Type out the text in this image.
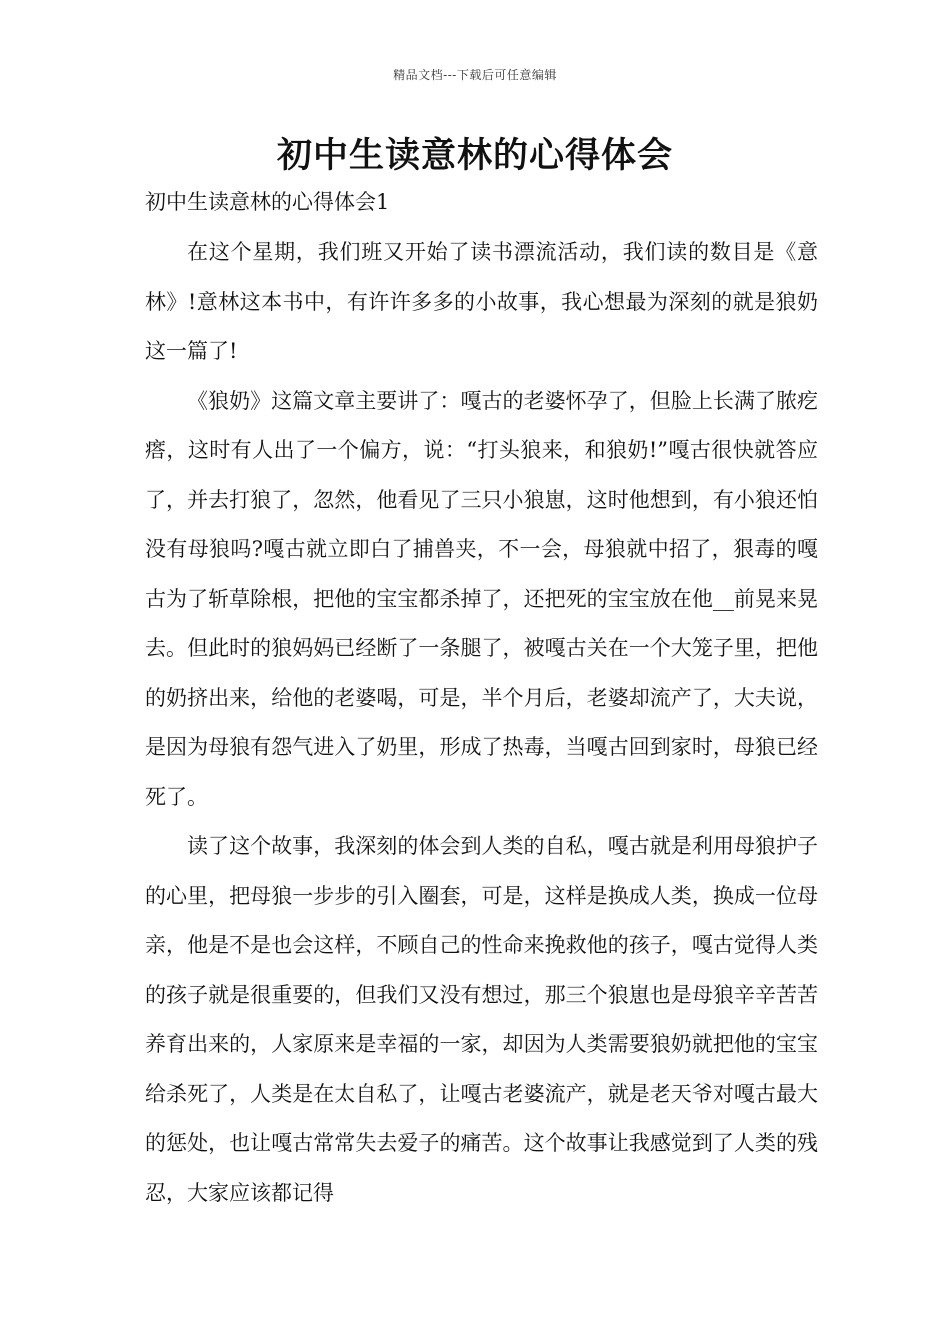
精品文档---下载后可任意编辑
初中生读意林的心得体会
初中生读意林的心得体会1

在这个星期，我们班又开始了读书漂流活动，我们读的数目是《意林》!意林这本书中，有许许多多的小故事，我心想最为深刻的就是狼奶这一篇了!

《狼奶》这篇文章主要讲了：嘎古的老婆怀孕了，但脸上长满了脓疙瘩，这时有人出了一个偏方，说：“打头狼来，和狼奶!”嘎古很快就答应了，并去打狼了，忽然，他看见了三只小狼崽，这时他想到，有小狼还怕没有母狼吗?嘎古就立即白了捕兽夹，不一会，母狼就中招了，狠毒的嘎古为了斩草除根，把他的宝宝都杀掉了，还把死的宝宝放在他__前晃来晃去。但此时的狼妈妈已经断了一条腿了，被嘎古关在一个大笼子里，把他的奶挤出来，给他的老婆喝，可是，半个月后，老婆却流产了，大夫说，是因为母狼有怨气进入了奶里，形成了热毒，当嘎古回到家时，母狼已经死了。

读了这个故事，我深刻的体会到人类的自私，嘎古就是利用母狼护子的心里，把母狼一步步的引入圈套，可是，这样是换成人类，换成一位母亲，他是不是也会这样，不顾自己的性命来挽救他的孩子，嘎古觉得人类的孩子就是很重要的，但我们又没有想过，那三个狼崽也是母狼辛辛苦苦养育出来的，人家原来是幸福的一家，却因为人类需要狼奶就把他的宝宝给杀死了，人类是在太自私了，让嘎古老婆流产，就是老天爷对嘎古最大的惩处，也让嘎古常常失去爱子的痛苦。这个故事让我感觉到了人类的残忍，大家应该都记得
